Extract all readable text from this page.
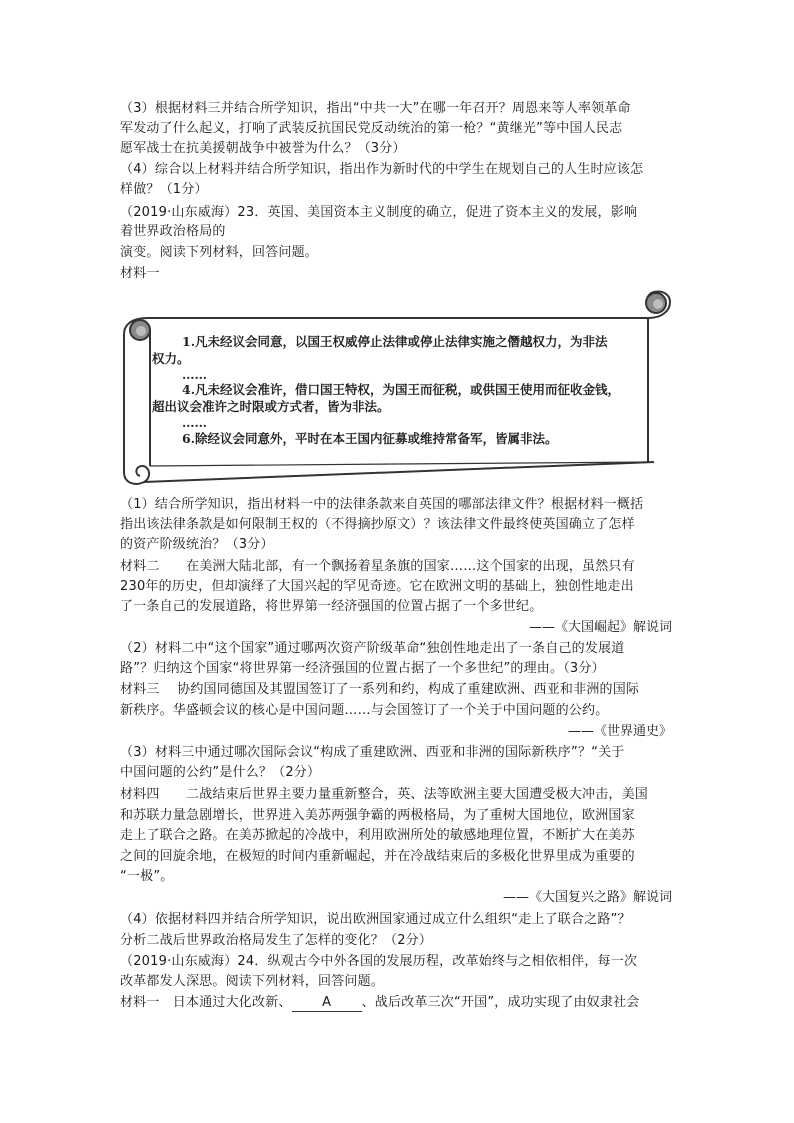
（3）根据材料三并结合所学知识，指出“中共一大”在哪一年召开？周恩来等人率领革命
军发动了什么起义，打响了武装反抗国民党反动统治的第一枪？“黄继光”等中国人民志
愿军战士在抗美援朝战争中被誉为什么？（3分）
（4）综合以上材料并结合所学知识，指出作为新时代的中学生在规划自己的人生时应该怎
样做？（1分）
（2019·山东威海）23．英国、美国资本主义制度的确立，促进了资本主义的发展，影响
着世界政治格局的
演变。阅读下列材料，回答问题。
材料一
1.凡未经议会同意，以国王权威停止法律或停止法律实施之僭越权力，为非法
权力。
……
4.凡未经议会准许，借口国王特权，为国王而征税，或供国王使用而征收金钱，
超出议会准许之时限或方式者，皆为非法。
……
6.除经议会同意外，平时在本王国内征募或维持常备军，皆属非法。
（1）结合所学知识，指出材料一中的法律条款来自英国的哪部法律文件？根据材料一概括
指出该法律条款是如何限制王权的（不得摘抄原文）？该法律文件最终使英国确立了怎样
的资产阶级统治？（3分）
材料二　　在美洲大陆北部，有一个飘扬着星条旗的国家……这个国家的出现，虽然只有
230年的历史，但却演绎了大国兴起的罕见奇迹。它在欧洲文明的基础上，独创性地走出
了一条自己的发展道路，将世界第一经济强国的位置占据了一个多世纪。
——《大国崛起》解说词
（2）材料二中“这个国家”通过哪两次资产阶级革命“独创性地走出了一条自己的发展道
路”？归纳这个国家“将世界第一经济强国的位置占据了一个多世纪”的理由。（3分）
材料三　 协约国同德国及其盟国签订了一系列和约，构成了重建欧洲、西亚和非洲的国际
新秩序。华盛顿会议的核心是中国问题……与会国签订了一个关于中国问题的公约。
——《世界通史》
（3）材料三中通过哪次国际会议“构成了重建欧洲、西亚和非洲的国际新秩序”？“关于
中国问题的公约”是什么？（2分）
材料四　　二战结束后世界主要力量重新整合，英、法等欧洲主要大国遭受极大冲击，美国
和苏联力量急剧增长，世界进入美苏两强争霸的两极格局，为了重树大国地位，欧洲国家
走上了联合之路。在美苏掀起的冷战中，利用欧洲所处的敏感地理位置，不断扩大在美苏
之间的回旋余地，在极短的时间内重新崛起，并在冷战结束后的多极化世界里成为重要的
“一极”。
——《大国复兴之路》解说词
（4）依据材料四并结合所学知识，说出欧洲国家通过成立什么组织“走上了联合之路”？
分析二战后世界政治格局发生了怎样的变化？（2分）
（2019·山东威海）24．纵观古今中外各国的发展历程，改革始终与之相依相伴，每一次
改革都发人深思。阅读下列材料，回答问题。
材料一　日本通过大化改新、 A 、战后改革三次“开国”，成功实现了由奴隶社会
